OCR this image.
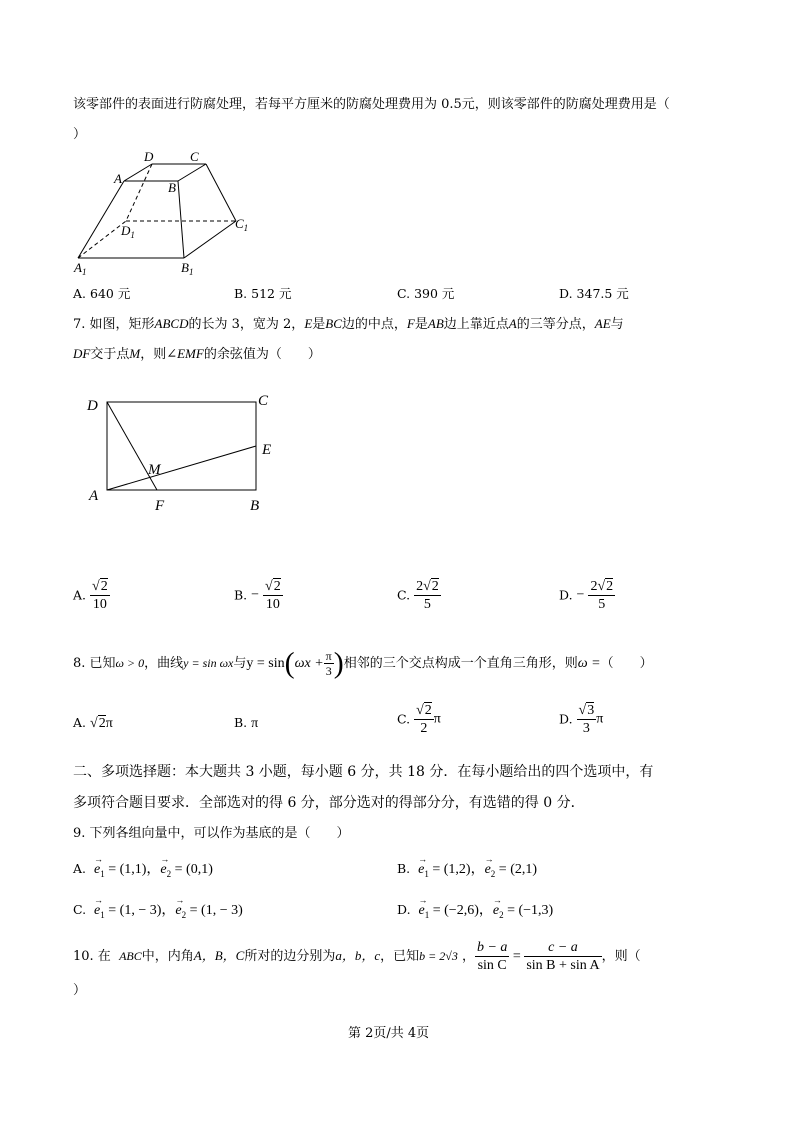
该零部件的表面进行防腐处理，若每平方厘米的防腐处理费用为 0.5元，则该零部件的防腐处理费用是（
）
D	C
A
B
$D_1$
$C_1$
$A_1$	$B_1$
A. 640 元	B. 512 元	C. 390 元	D. 347.5 元
7. 如图，矩形ABCD的长为 3，宽为 2，E是BC边的中点，F是AB边上靠近点A的三等分点，AE与
DF交于点M，则∠EMF的余弦值为（　　）
D	C
E
M
A
F	B
A. $\frac{√2}{10}$	B. − $\frac{√2}{10}$	C. $\frac{2√2}{5}$	D. − $\frac{2√2}{5}$
8. 已知ω > 0，曲线y = sin ωx与$y = \sin(\omega x + \frac{\pi}{3}$ )相邻的三个交点构成一个直角三角形，则ω =（　　）
A. √2π	B. π	C. $\frac{√2}{2}$ π	D. $\frac{√3}{3}$ π
二、多项选择题：本大题共 3 小题，每小题 6 分，共 18 分．在每小题给出的四个选项中，有
多项符合题目要求．全部选对的得 6 分，部分选对的得部分分，有选错的得 0 分．
9. 下列各组向量中，可以作为基底的是（　　）
A. → $e_1 = (1,1)$，→ $e_2 = (0,1)$	B. → $e_1 = (1,2)$，→ $e_2 = (2,1)$
C. → $e_1 = (1$, − 3)，→ $e_2 = (1$, − 3)	D. → $e_1 = (-2,6)$，→ $e_2 = (-1,3)$
10. 在 ABC中，内角A，B，C所对的边分别为a，b，c，已知b = 2√3 ， $\frac{b - a}{\text{sin C}} = \frac{c - a}{\text{sin B + sin A}}$ ，则（
）
第 2页/共 4页
